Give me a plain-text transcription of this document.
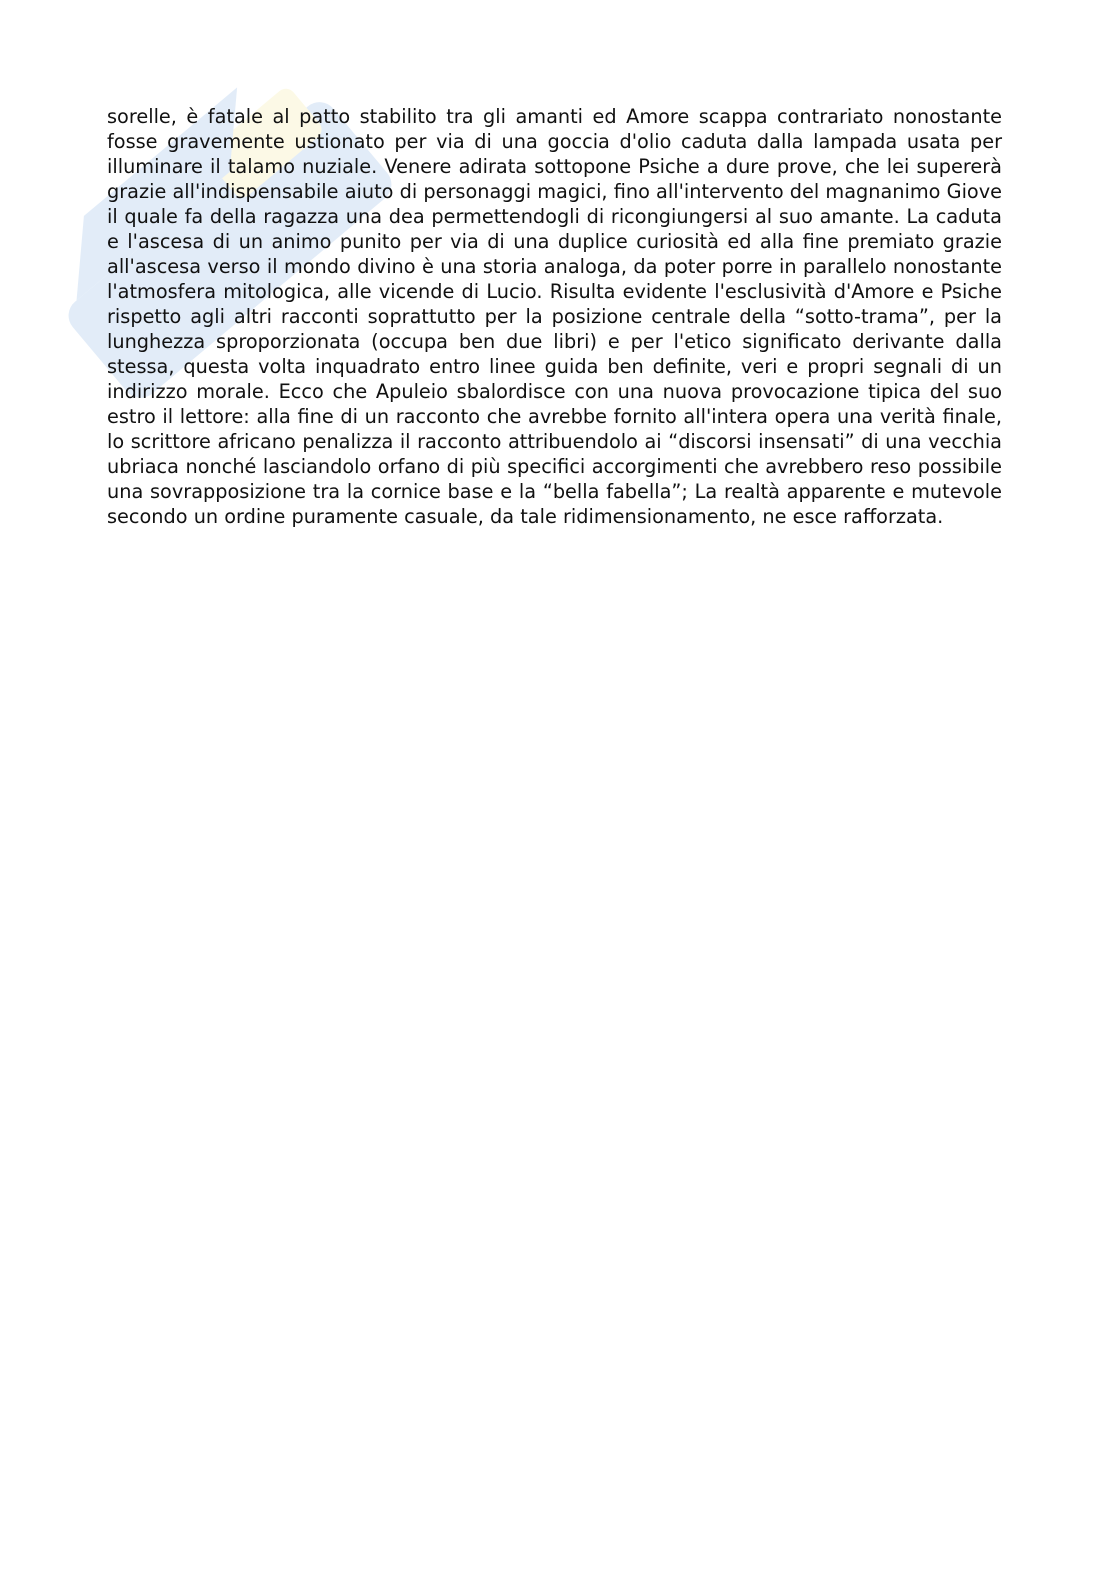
sorelle, è fatale al patto stabilito tra gli amanti ed Amore scappa contrariato nonostante fosse gravemente ustionato per via di una goccia d'olio caduta dalla lampada usata per illuminare il talamo nuziale. Venere adirata sottopone Psiche a dure prove, che lei supererà grazie all'indispensabile aiuto di personaggi magici, fino all'intervento del magnanimo Giove il quale fa della ragazza una dea permettendogli di ricongiungersi al suo amante. La caduta e l'ascesa di un animo punito per via di una duplice curiosità ed alla fine premiato grazie all'ascesa verso il mondo divino è una storia analoga, da poter porre in parallelo nonostante l'atmosfera mitologica, alle vicende di Lucio. Risulta evidente l'esclusività d'Amore e Psiche rispetto agli altri racconti soprattutto per la posizione centrale della “sotto-trama”, per la lunghezza sproporzionata (occupa ben due libri) e per l'etico significato derivante dalla stessa, questa volta inquadrato entro linee guida ben definite, veri e propri segnali di un indirizzo morale. Ecco che Apuleio sbalordisce con una nuova provocazione tipica del suo estro il lettore: alla fine di un racconto che avrebbe fornito all'intera opera una verità finale, lo scrittore africano penalizza il racconto attribuendolo ai “discorsi insensati” di una vecchia ubriaca nonché lasciandolo orfano di più specifici accorgimenti che avrebbero reso possibile una sovrapposizione tra la cornice base e la “bella fabella”; La realtà apparente e mutevole secondo un ordine puramente casuale, da tale ridimensionamento, ne esce rafforzata.
